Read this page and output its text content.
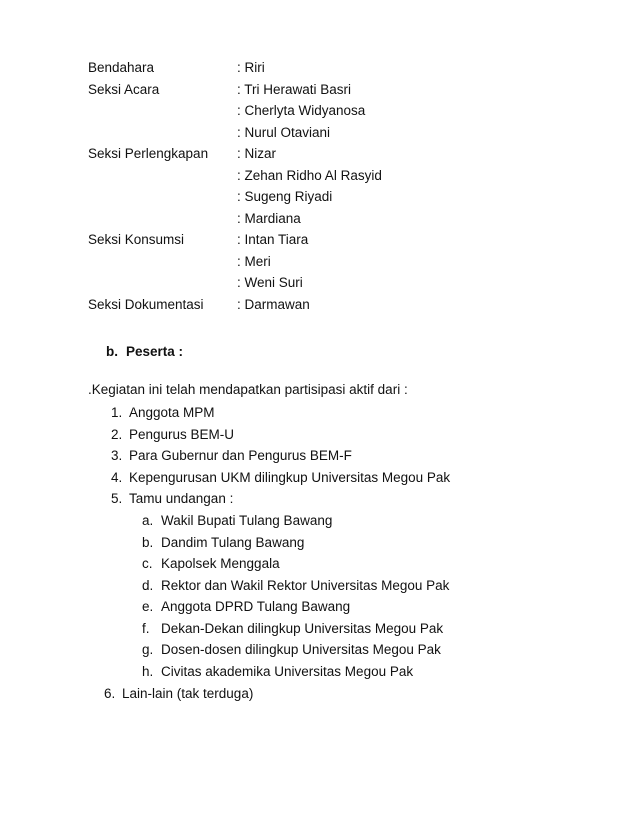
Bendahara	: Riri
Seksi Acara	: Tri Herawati Basri
: Cherlyta Widyanosa
: Nurul Otaviani
Seksi Perlengkapan : Nizar
: Zehan Ridho Al Rasyid
: Sugeng Riyadi
: Mardiana
Seksi Konsumsi	: Intan Tiara
: Meri
: Weni Suri
Seksi Dokumentasi : Darmawan
b. Peserta :
.Kegiatan ini telah mendapatkan partisipasi aktif dari :
1. Anggota MPM
2. Pengurus BEM-U
3. Para Gubernur dan Pengurus BEM-F
4. Kepengurusan UKM dilingkup Universitas Megou Pak
5. Tamu undangan :
a. Wakil Bupati Tulang Bawang
b. Dandim Tulang Bawang
c. Kapolsek Menggala
d. Rektor dan Wakil Rektor Universitas Megou Pak
e. Anggota DPRD Tulang Bawang
f. Dekan-Dekan dilingkup Universitas Megou Pak
g. Dosen-dosen dilingkup Universitas Megou Pak
h. Civitas akademika Universitas Megou Pak
6. Lain-lain (tak terduga)
